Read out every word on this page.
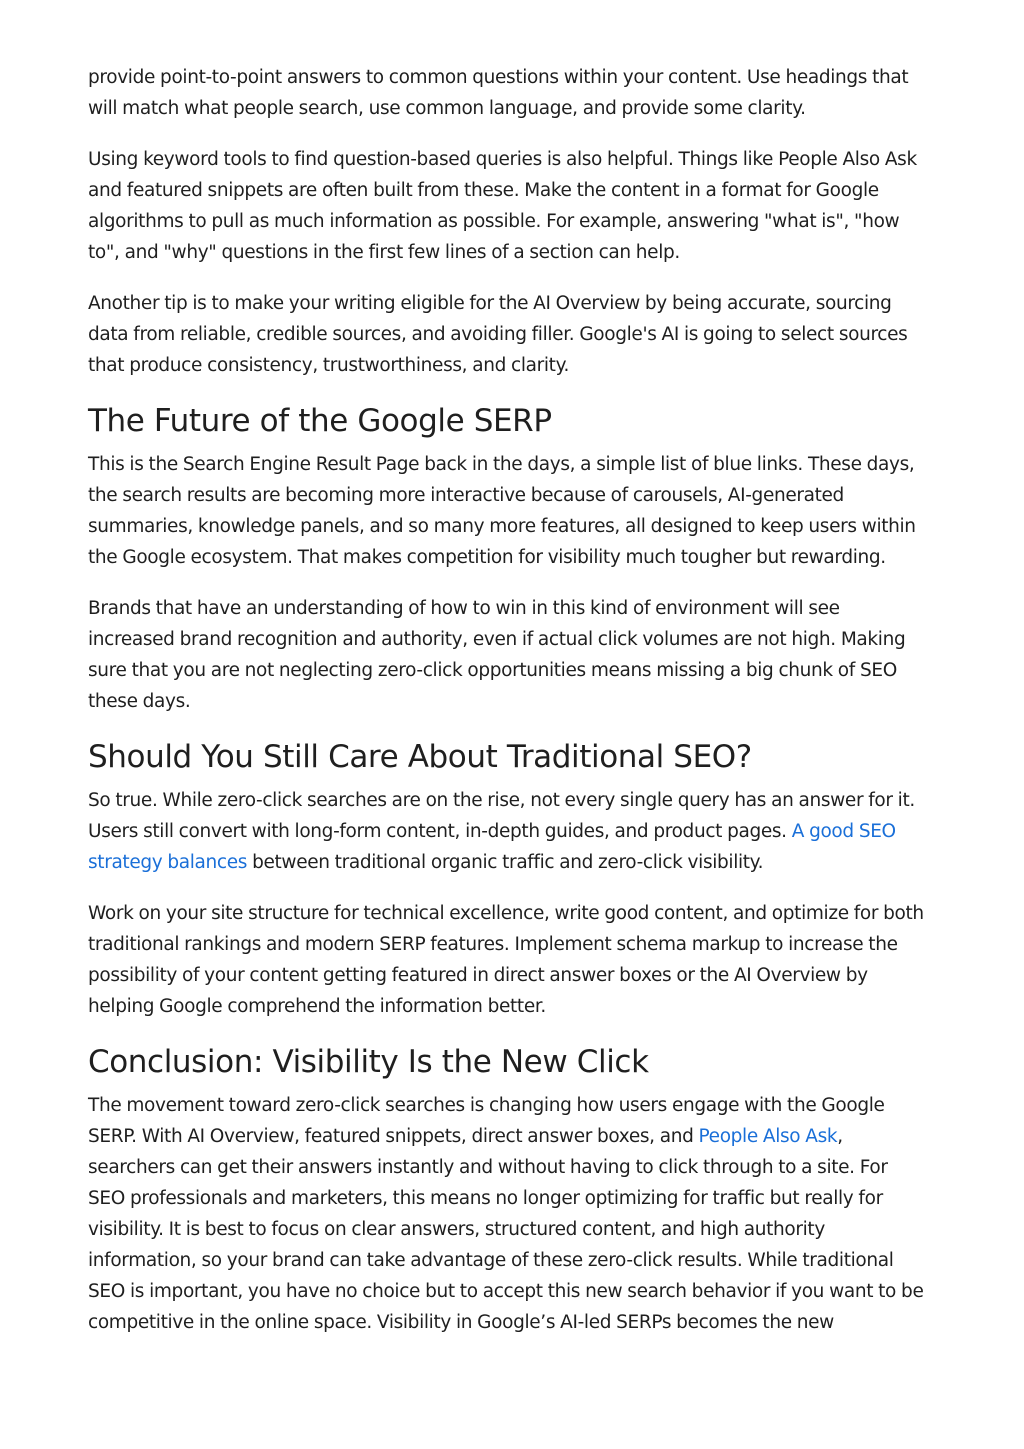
provide point-to-point answers to common questions within your content. Use headings that will match what people search, use common language, and provide some clarity.

Using keyword tools to find question-based queries is also helpful. Things like People Also Ask and featured snippets are often built from these. Make the content in a format for Google algorithms to pull as much information as possible. For example, answering "what is", "how to", and "why" questions in the first few lines of a section can help.

Another tip is to make your writing eligible for the AI Overview by being accurate, sourcing data from reliable, credible sources, and avoiding filler. Google's AI is going to select sources that produce consistency, trustworthiness, and clarity.

The Future of the Google SERP

This is the Search Engine Result Page back in the days, a simple list of blue links. These days, the search results are becoming more interactive because of carousels, AI-generated summaries, knowledge panels, and so many more features, all designed to keep users within the Google ecosystem. That makes competition for visibility much tougher but rewarding.

Brands that have an understanding of how to win in this kind of environment will see increased brand recognition and authority, even if actual click volumes are not high. Making sure that you are not neglecting zero-click opportunities means missing a big chunk of SEO these days.

Should You Still Care About Traditional SEO?

So true. While zero-click searches are on the rise, not every single query has an answer for it. Users still convert with long-form content, in-depth guides, and product pages. A good SEO strategy balances between traditional organic traffic and zero-click visibility.

Work on your site structure for technical excellence, write good content, and optimize for both traditional rankings and modern SERP features. Implement schema markup to increase the possibility of your content getting featured in direct answer boxes or the AI Overview by helping Google comprehend the information better.

Conclusion: Visibility Is the New Click

The movement toward zero-click searches is changing how users engage with the Google SERP. With AI Overview, featured snippets, direct answer boxes, and People Also Ask, searchers can get their answers instantly and without having to click through to a site. For SEO professionals and marketers, this means no longer optimizing for traffic but really for visibility. It is best to focus on clear answers, structured content, and high authority information, so your brand can take advantage of these zero-click results. While traditional SEO is important, you have no choice but to accept this new search behavior if you want to be competitive in the online space. Visibility in Google’s AI-led SERPs becomes the new
